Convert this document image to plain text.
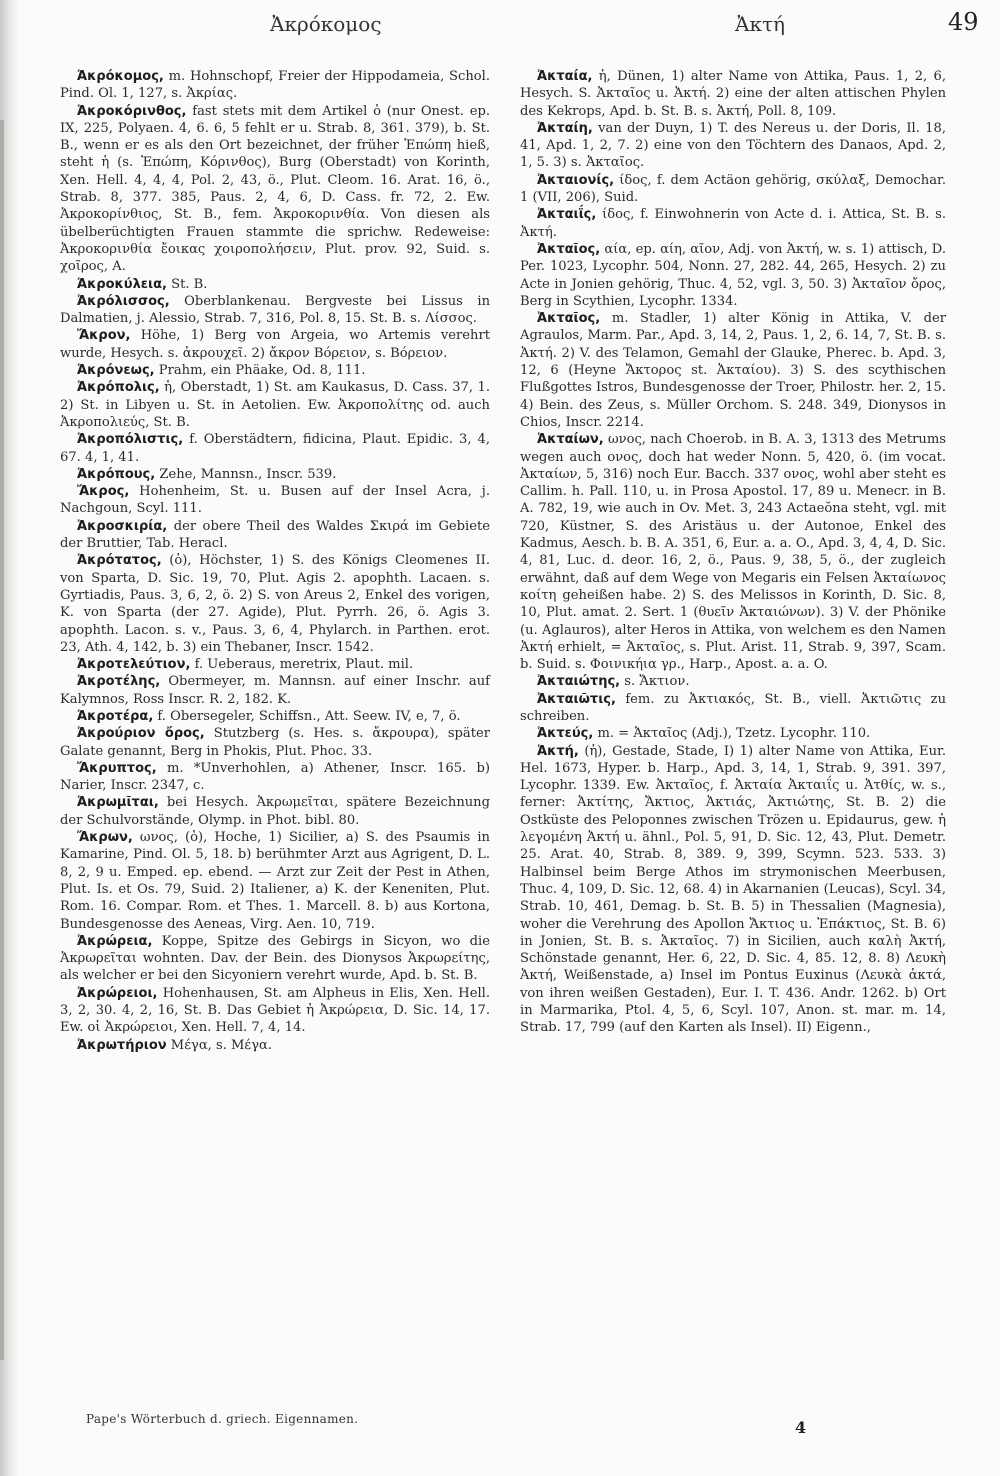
Ἀκρόκομος	Ἀκτή	49

Ἀκρόκομος, m. Hohnschopf, Freier der Hippodameia, Schol. Pind. Ol. 1, 127, s. Ἀκρίας.

Ἀκροκόρινθος, fast stets mit dem Artikel ὁ (nur Onest. ep. IX, 225, Polyaen. 4, 6. 6, 5 fehlt er u. Strab. 8, 361. 379), b. St. B., wenn er es als den Ort bezeichnet, der früher Ἐπώπη hieß, steht ἡ (s. Ἐπώπη, Κόρινθος), Burg (Oberstadt) von Korinth, Xen. Hell. 4, 4, 4, Pol. 2, 43, ö., Plut. Cleom. 16. Arat. 16, ö., Strab. 8, 377. 385, Paus. 2, 4, 6, D. Cass. fr. 72, 2. Ew. Ἀκροκορίνθιος, St. B., fem. Ἀκροκορινθία. Von diesen als übelberüchtigten Frauen stammte die sprichw. Redeweise: Ἀκροκορινθία ἔοικας χοιροπολήσειν, Plut. prov. 92, Suid. s. χοῖρος, A.

Ἀκροκύλεια, St. B.

Ἀκρόλισσος, Oberblankenau. Bergveste bei Lissus in Dalmatien, j. Alessio, Strab. 7, 316, Pol. 8, 15. St. B. s. Λίσσος.

Ἄκρον, Höhe, 1) Berg von Argeia, wo Artemis verehrt wurde, Hesych. s. ἀκρουχεῖ. 2) ἄκρον Βόρειον, s. Βόρειον.

Ἀκρόνεως, Prahm, ein Phäake, Od. 8, 111.

Ἀκρόπολις, ἡ, Oberstadt, 1) St. am Kaukasus, D. Cass. 37, 1. 2) St. in Libyen u. St. in Aetolien. Ew. Ἀκροπολίτης od. auch Ἀκροπολιεύς, St. B.

Ἀκροπόλιστις, f. Oberstädtern, fidicina, Plaut. Epidic. 3, 4, 67. 4, 1, 41.

Ἀκρόπους, Zehe, Mannsn., Inscr. 539.

Ἄκρος, Hohenheim, St. u. Busen auf der Insel Acra, j. Nachgoun, Scyl. 111.

Ἀκροσκιρία, der obere Theil des Waldes Σκιρά im Gebiete der Bruttier, Tab. Heracl.

Ἀκρότατος, (ὁ), Höchster, 1) S. des Königs Cleomenes II. von Sparta, D. Sic. 19, 70, Plut. Agis 2. apophth. Lacaen. s. Gyrtiadis, Paus. 3, 6, 2, ö. 2) S. von Areus 2, Enkel des vorigen, K. von Sparta (der 27. Agide), Plut. Pyrrh. 26, ö. Agis 3. apophth. Lacon. s. v., Paus. 3, 6, 4, Phylarch. in Parthen. erot. 23, Ath. 4, 142, b. 3) ein Thebaner, Inscr. 1542.

Ἀκροτελεύτιον, f. Ueberaus, meretrix, Plaut. mil.

Ἀκροτέλης, Obermeyer, m. Mannsn. auf einer Inschr. auf Kalymnos, Ross Inscr. R. 2, 182. K.

Ἀκροτέρα, f. Obersegeler, Schiffsn., Att. Seew. IV, e, 7, ö.

Ἀκρούριον ὄρος, Stutzberg (s. Hes. s. ἄκρουρα), später Galate genannt, Berg in Phokis, Plut. Phoc. 33.

Ἄκρυπτος, m. *Unverhohlen, a) Athener, Inscr. 165. b) Narier, Inscr. 2347, c.

Ἀκρωμῖται, bei Hesych. Ἀκρωμεῖται, spätere Bezeichnung der Schulvorstände, Olymp. in Phot. bibl. 80.

Ἄκρων, ωνος, (ὁ), Hoche, 1) Sicilier, a) S. des Psaumis in Kamarine, Pind. Ol. 5, 18. b) berühmter Arzt aus Agrigent, D. L. 8, 2, 9 u. Emped. ep. ebend. — Arzt zur Zeit der Pest in Athen, Plut. Is. et Os. 79, Suid. 2) Italiener, a) K. der Keneniten, Plut. Rom. 16. Compar. Rom. et Thes. 1. Marcell. 8. b) aus Kortona, Bundesgenosse des Aeneas, Virg. Aen. 10, 719.

Ἀκρώρεια, Koppe, Spitze des Gebirgs in Sicyon, wo die Ἀκρωρεῖται wohnten. Dav. der Bein. des Dionysos Ἀκρωρείτης, als welcher er bei den Sicyoniern verehrt wurde, Apd. b. St. B.

Ἀκρώρειοι, Hohenhausen, St. am Alpheus in Elis, Xen. Hell. 3, 2, 30. 4, 2, 16, St. B. Das Gebiet ἡ Ἀκρώρεια, D. Sic. 14, 17. Ew. οἱ Ἀκρώρειοι, Xen. Hell. 7, 4, 14.

Ἀκρωτήριον Μέγα, s. Μέγα.

Ἀκταία, ἡ, Dünen, 1) alter Name von Attika, Paus. 1, 2, 6, Hesych. S. Ἀκταῖος u. Ἀκτή. 2) eine der alten attischen Phylen des Kekrops, Apd. b. St. B. s. Ἀκτή, Poll. 8, 109.

Ἀκταίη, van der Duyn, 1) T. des Nereus u. der Doris, Il. 18, 41, Apd. 1, 2, 7. 2) eine von den Töchtern des Danaos, Apd. 2, 1, 5. 3) s. Ἀκταῖος.

Ἀκταιονίς, ίδος, f. dem Actäon gehörig, σκύλαξ, Demochar. 1 (VII, 206), Suid.

Ἀκταιΐς, ίδος, f. Einwohnerin von Acte d. i. Attica, St. B. s. Ἀκτή.

Ἀκταῖος, αία, ep. αίη, αῖον, Adj. von Ἀκτή, w. s. 1) attisch, D. Per. 1023, Lycophr. 504, Nonn. 27, 282. 44, 265, Hesych. 2) zu Acte in Jonien gehörig, Thuc. 4, 52, vgl. 3, 50. 3) Ἀκταῖον ὄρος, Berg in Scythien, Lycophr. 1334.

Ἀκταῖος, m. Stadler, 1) alter König in Attika, V. der Agraulos, Marm. Par., Apd. 3, 14, 2, Paus. 1, 2, 6. 14, 7, St. B. s. Ἀκτή. 2) V. des Telamon, Gemahl der Glauke, Pherec. b. Apd. 3, 12, 6 (Heyne Ἄκτορος st. Ἀκταίου). 3) S. des scythischen Flußgottes Istros, Bundesgenosse der Troer, Philostr. her. 2, 15. 4) Bein. des Zeus, s. Müller Orchom. S. 248. 349, Dionysos in Chios, Inscr. 2214.

Ἀκταίων, ωνος, nach Choerob. in B. A. 3, 1313 des Metrums wegen auch ονος, doch hat weder Nonn. 5, 420, ö. (im vocat. Ἀκταίων, 5, 316) noch Eur. Bacch. 337 ονος, wohl aber steht es Callim. h. Pall. 110, u. in Prosa Apostol. 17, 89 u. Menecr. in B. A. 782, 19, wie auch in Ov. Met. 3, 243 Actaeŏna steht, vgl. mit 720, Küstner, S. des Aristäus u. der Autonoe, Enkel des Kadmus, Aesch. b. B. A. 351, 6, Eur. a. a. O., Apd. 3, 4, 4, D. Sic. 4, 81, Luc. d. deor. 16, 2, ö., Paus. 9, 38, 5, ö., der zugleich erwähnt, daß auf dem Wege von Megaris ein Felsen Ἀκταίωνος κοίτη geheißen habe. 2) S. des Melissos in Korinth, D. Sic. 8, 10, Plut. amat. 2. Sert. 1 (θυεῖν Ἀκταιώνων). 3) V. der Phönike (u. Aglauros), alter Heros in Attika, von welchem es den Namen Ἀκτή erhielt, = Ἀκταῖος, s. Plut. Arist. 11, Strab. 9, 397, Scam. b. Suid. s. Φοινικήια γρ., Harp., Apost. a. a. O.

Ἀκταιώτης, s. Ἄκτιον.

Ἀκταιῶτις, fem. zu Ἀκτιακός, St. B., viell. Ἀκτιῶτις zu schreiben.

Ἀκτεύς, m. = Ἀκταῖος (Adj.), Tzetz. Lycophr. 110.

Ἀκτή, (ἡ), Gestade, Stade, I) 1) alter Name von Attika, Eur. Hel. 1673, Hyper. b. Harp., Apd. 3, 14, 1, Strab. 9, 391. 397, Lycophr. 1339. Ew. Ἀκταῖος, f. Ἀκταία Ἀκταιΐς u. Ἀτθίς, w. s., ferner: Ἀκτίτης, Ἄκτιος, Ἀκτιάς, Ἀκτιώτης, St. B. 2) die Ostküste des Peloponnes zwischen Trözen u. Epidaurus, gew. ἡ λεγομένη Ἀκτή u. ähnl., Pol. 5, 91, D. Sic. 12, 43, Plut. Demetr. 25. Arat. 40, Strab. 8, 389. 9, 399, Scymn. 523. 533. 3) Halbinsel beim Berge Athos im strymonischen Meerbusen, Thuc. 4, 109, D. Sic. 12, 68. 4) in Akarnanien (Leucas), Scyl. 34, Strab. 10, 461, Demag. b. St. B. 5) in Thessalien (Magnesia), woher die Verehrung des Apollon Ἄκτιος u. Ἐπάκτιος, St. B. 6) in Jonien, St. B. s. Ἀκταῖος. 7) in Sicilien, auch καλὴ Ἀκτή, Schönstade genannt, Her. 6, 22, D. Sic. 4, 85. 12, 8. 8) Λευκὴ Ἀκτή, Weißenstade, a) Insel im Pontus Euxinus (Λευκὰ ἀκτά, von ihren weißen Gestaden), Eur. I. T. 436. Andr. 1262. b) Ort in Marmarika, Ptol. 4, 5, 6, Scyl. 107, Anon. st. mar. m. 14, Strab. 17, 799 (auf den Karten als Insel). II) Eigenn.,

Pape's Wörterbuch d. griech. Eigennamen.	4
